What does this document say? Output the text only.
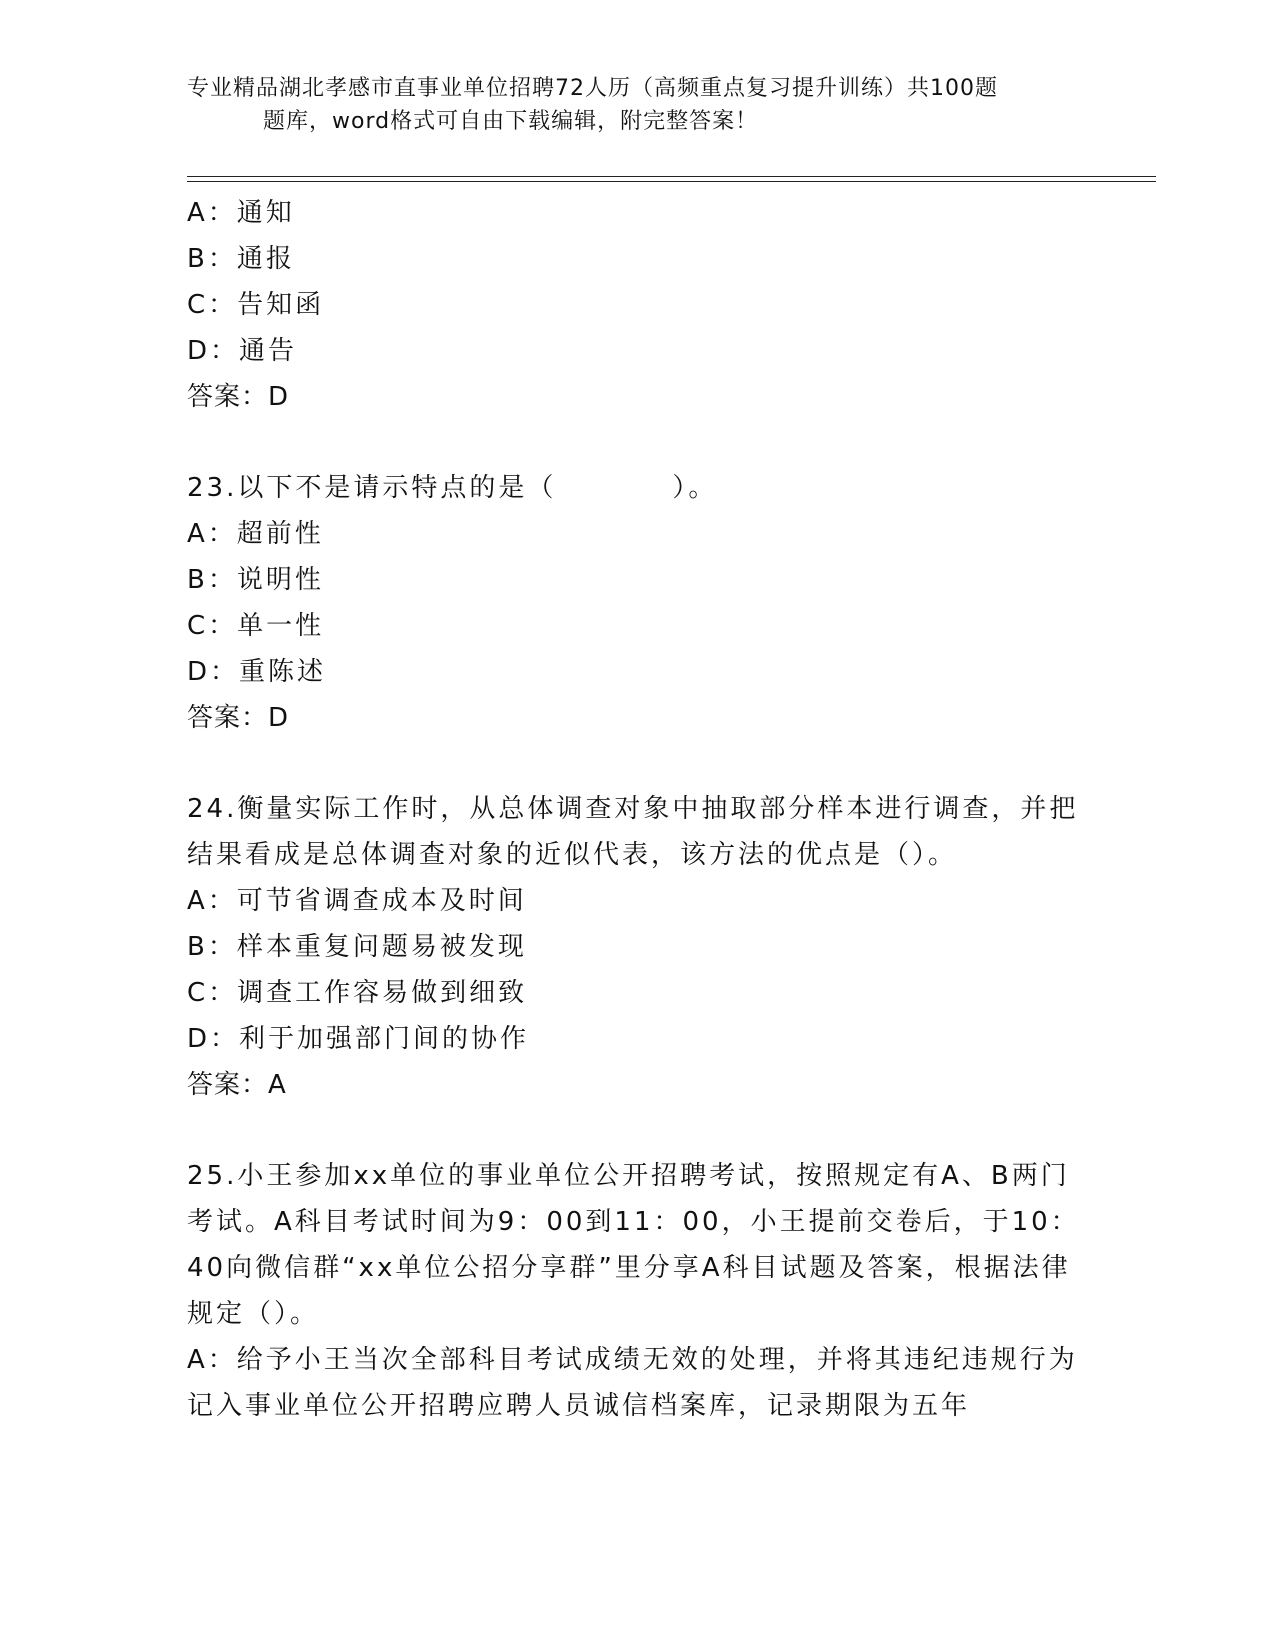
专业精品湖北孝感市直事业单位招聘72人历（高频重点复习提升训练）共100题
题库，word格式可自由下载编辑，附完整答案！
A：通知
B：通报
C：告知函
D：通告
答案：D
23.以下不是请示特点的是（　　　　）。
A：超前性
B：说明性
C：单一性
D：重陈述
答案：D
24.衡量实际工作时，从总体调查对象中抽取部分样本进行调查，并把结果看成是总体调查对象的近似代表，该方法的优点是（）。
A：可节省调查成本及时间
B：样本重复问题易被发现
C：调查工作容易做到细致
D：利于加强部门间的协作
答案：A
25.小王参加xx单位的事业单位公开招聘考试，按照规定有A、B两门考试。A科目考试时间为9：00到11：00，小王提前交卷后，于10：40向微信群“xx单位公招分享群”里分享A科目试题及答案，根据法律规定（）。
A：给予小王当次全部科目考试成绩无效的处理，并将其违纪违规行为记入事业单位公开招聘应聘人员诚信档案库，记录期限为五年
